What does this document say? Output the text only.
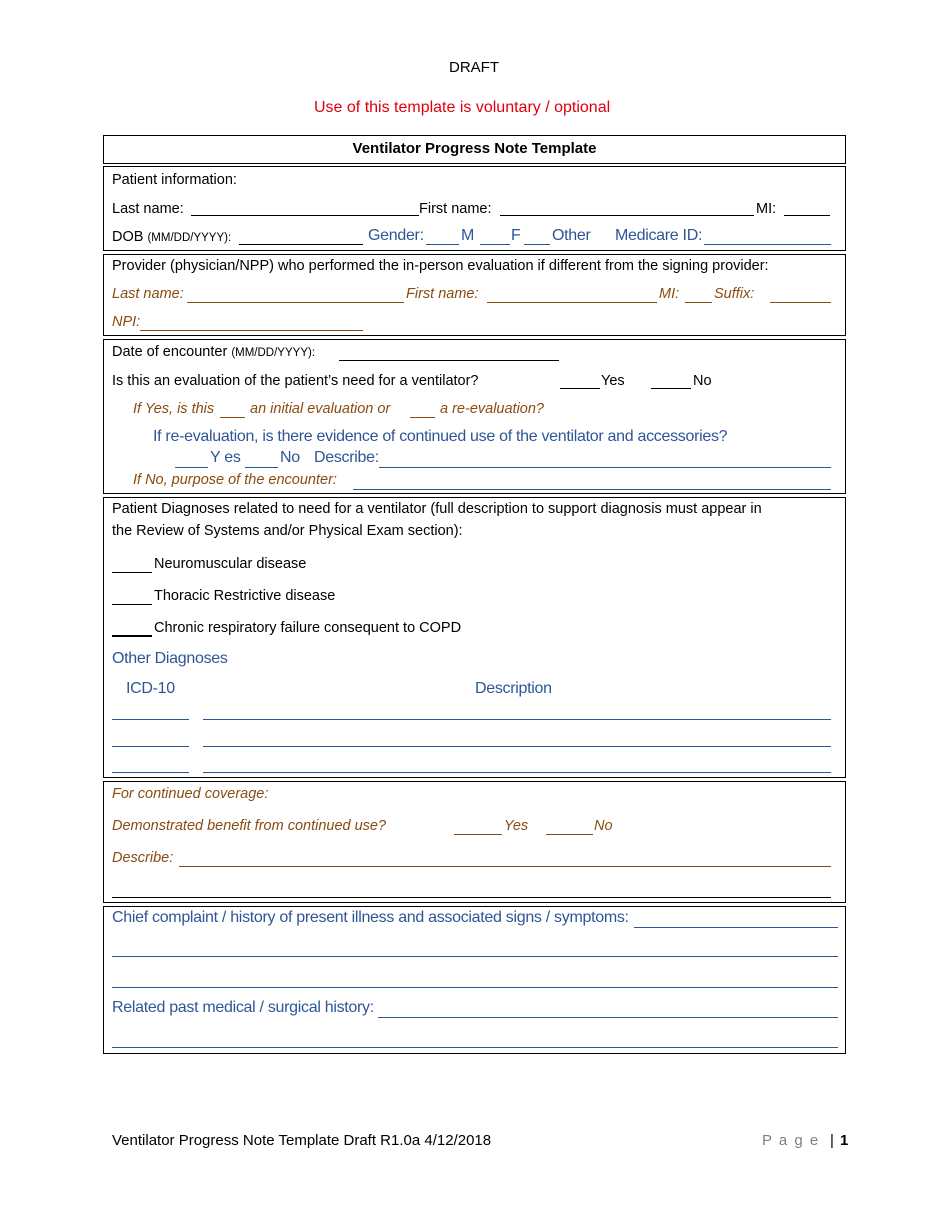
DRAFT
Use of this template is voluntary / optional
Ventilator Progress Note Template
Patient information:
Last name:	First name:	MI:
DOB (MM/DD/YYYY):	Gender: M F Other Medicare ID:
Provider (physician/NPP) who performed the in-person evaluation if different from the signing provider:
Last name:	First name:	MI: Suffix:
NPI:
Date of encounter (MM/DD/YYYY):
Is this an evaluation of the patient’s need for a ventilator?	Yes	No
If Yes, is this an initial evaluation or	a re-evaluation?
If re-evaluation, is there evidence of continued use of the ventilator and accessories?
Y es No Describe:
If No, purpose of the encounter:
Patient Diagnoses related to need for a ventilator (full description to support diagnosis must appear in
the Review of Systems and/or Physical Exam section):
Neuromuscular disease
Thoracic Restrictive disease
Chronic respiratory failure consequent to COPD
Other Diagnoses
ICD-10	Description
For continued coverage:
Demonstrated benefit from continued use?	Yes	No
Describe:
Chief complaint / history of present illness and associated signs / symptoms:
Related past medical / surgical history:
Ventilator Progress Note Template Draft R1.0a 4/12/2018	P a g e | 1
